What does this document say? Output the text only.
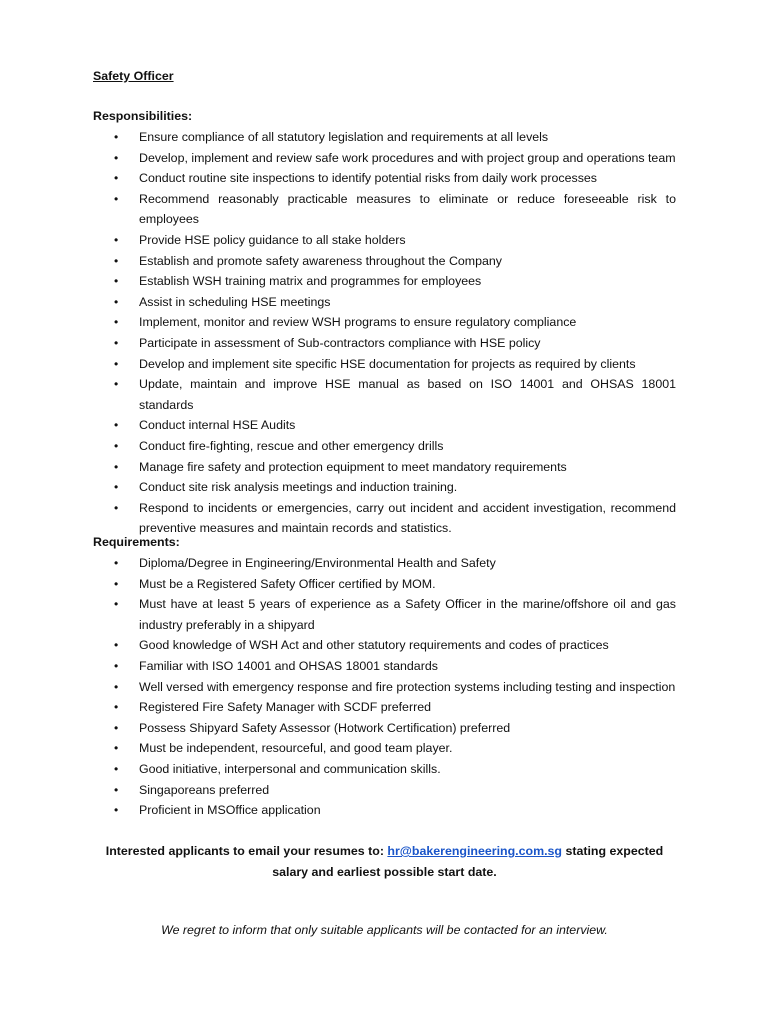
Safety Officer
Responsibilities:
• Ensure compliance of all statutory legislation and requirements at all levels
• Develop, implement and review safe work procedures and with project group and operations team
• Conduct routine site inspections to identify potential risks from daily work processes
• Recommend reasonably practicable measures to eliminate or reduce foreseeable risk to employees
• Provide HSE policy guidance to all stake holders
• Establish and promote safety awareness throughout the Company
• Establish WSH training matrix and programmes for employees
• Assist in scheduling HSE meetings
• Implement, monitor and review WSH programs to ensure regulatory compliance
• Participate in assessment of Sub-contractors compliance with HSE policy
• Develop and implement site specific HSE documentation for projects as required by clients
• Update, maintain and improve HSE manual as based on ISO 14001 and OHSAS 18001 standards
• Conduct internal HSE Audits
• Conduct fire-fighting, rescue and other emergency drills
• Manage fire safety and protection equipment to meet mandatory requirements
• Conduct site risk analysis meetings and induction training.
• Respond to incidents or emergencies, carry out incident and accident investigation, recommend preventive measures and maintain records and statistics.
Requirements:
• Diploma/Degree in Engineering/Environmental Health and Safety
• Must be a Registered Safety Officer certified by MOM.
• Must have at least 5 years of experience as a Safety Officer in the marine/offshore oil and gas industry preferably in a shipyard
• Good knowledge of WSH Act and other statutory requirements and codes of practices
• Familiar with ISO 14001 and OHSAS 18001 standards
• Well versed with emergency response and fire protection systems including testing and inspection
• Registered Fire Safety Manager with SCDF preferred
• Possess Shipyard Safety Assessor (Hotwork Certification) preferred
• Must be independent, resourceful, and good team player.
• Good initiative, interpersonal and communication skills.
• Singaporeans preferred
• Proficient in MSOffice application
Interested applicants to email your resumes to: hr@bakerengineering.com.sg stating expected salary and earliest possible start date.
We regret to inform that only suitable applicants will be contacted for an interview.
